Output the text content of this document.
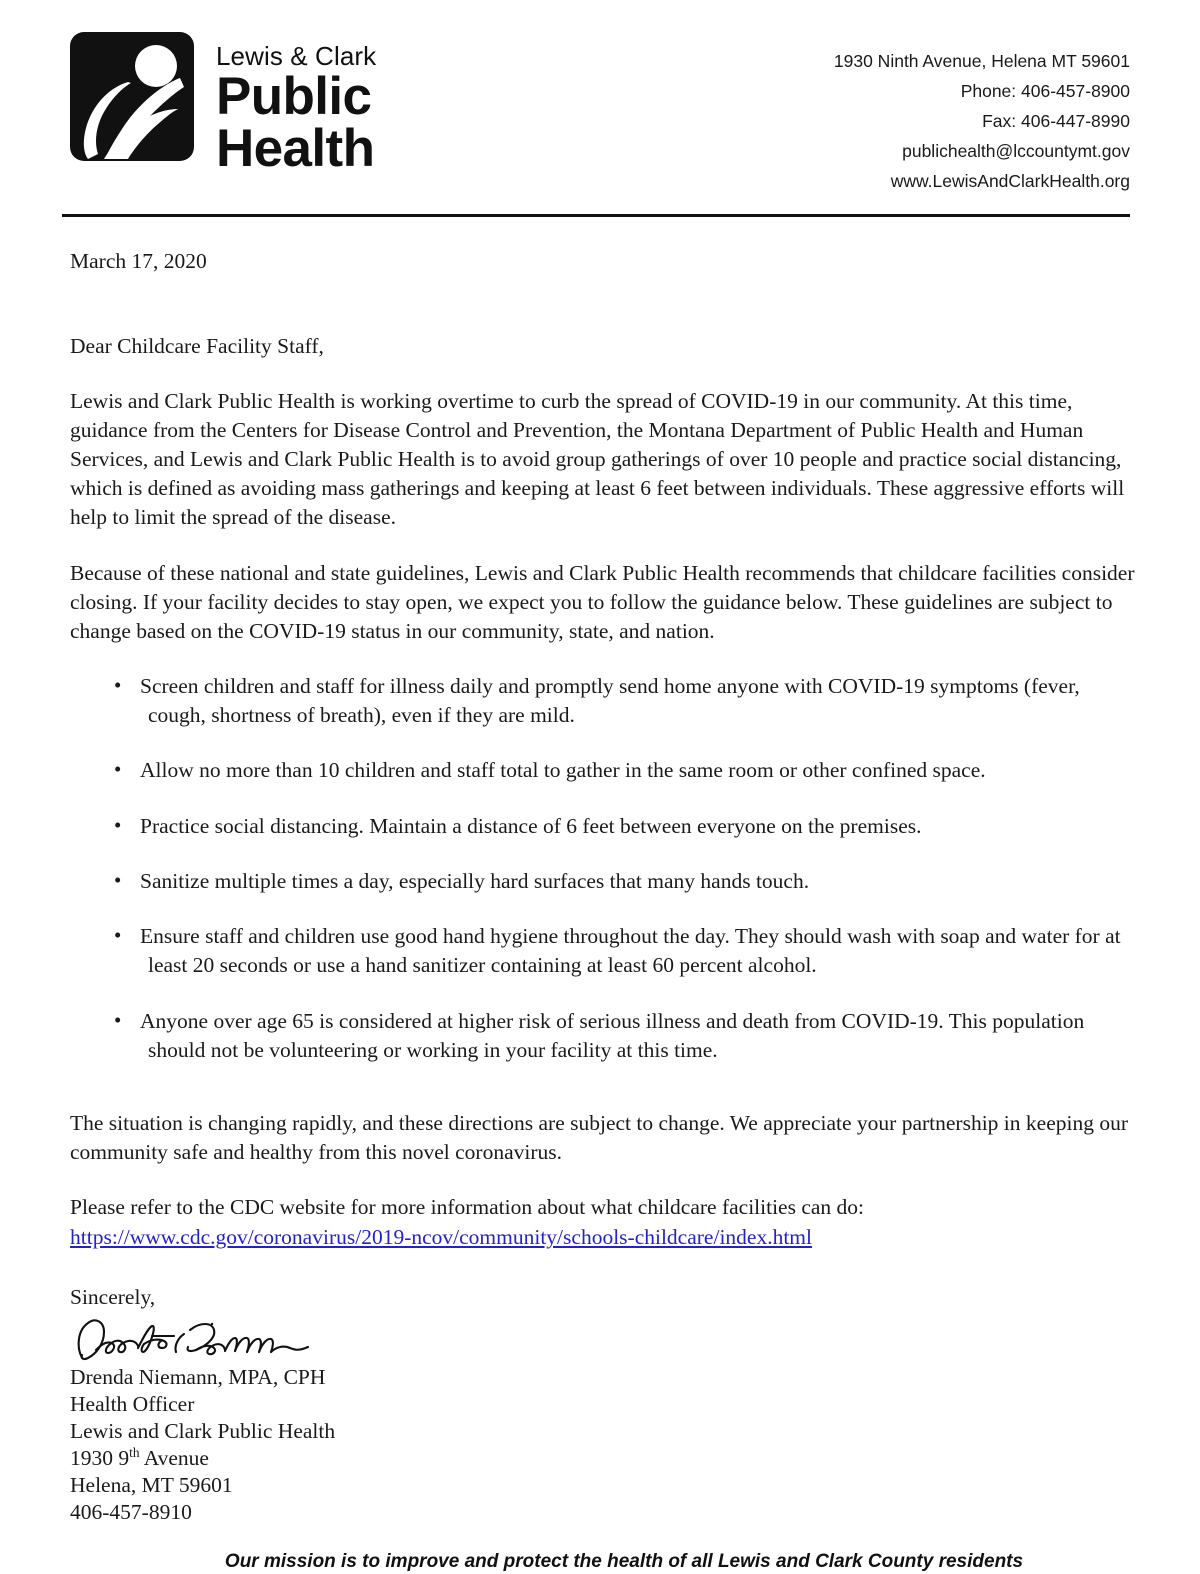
Lewis & Clark
Public
Health
1930 Ninth Avenue, Helena MT 59601
Phone: 406-457-8900
Fax: 406-447-8990
publichealth@lccountymt.gov
www.LewisAndClarkHealth.org
March 17, 2020
Dear Childcare Facility Staff,

Lewis and Clark Public Health is working overtime to curb the spread of COVID-19 in our community. At this time, guidance from the Centers for Disease Control and Prevention, the Montana Department of Public Health and Human Services, and Lewis and Clark Public Health is to avoid group gatherings of over 10 people and practice social distancing, which is defined as avoiding mass gatherings and keeping at least 6 feet between individuals. These aggressive efforts will help to limit the spread of the disease.

Because of these national and state guidelines, Lewis and Clark Public Health recommends that childcare facilities consider closing. If your facility decides to stay open, we expect you to follow the guidance below. These guidelines are subject to change based on the COVID-19 status in our community, state, and nation.

• Screen children and staff for illness daily and promptly send home anyone with COVID-19 symptoms (fever, cough, shortness of breath), even if they are mild.
• Allow no more than 10 children and staff total to gather in the same room or other confined space.
• Practice social distancing. Maintain a distance of 6 feet between everyone on the premises.
• Sanitize multiple times a day, especially hard surfaces that many hands touch.
• Ensure staff and children use good hand hygiene throughout the day. They should wash with soap and water for at least 20 seconds or use a hand sanitizer containing at least 60 percent alcohol.
• Anyone over age 65 is considered at higher risk of serious illness and death from COVID-19. This population should not be volunteering or working in your facility at this time.

The situation is changing rapidly, and these directions are subject to change. We appreciate your partnership in keeping our community safe and healthy from this novel coronavirus.

Please refer to the CDC website for more information about what childcare facilities can do:

https://www.cdc.gov/coronavirus/2019-ncov/community/schools-childcare/index.html
Sincerely,
Drenda Niemann, MPA, CPH
Health Officer
Lewis and Clark Public Health
1930 9th Avenue
Helena, MT 59601
406-457-8910
Our mission is to improve and protect the health of all Lewis and Clark County residents
